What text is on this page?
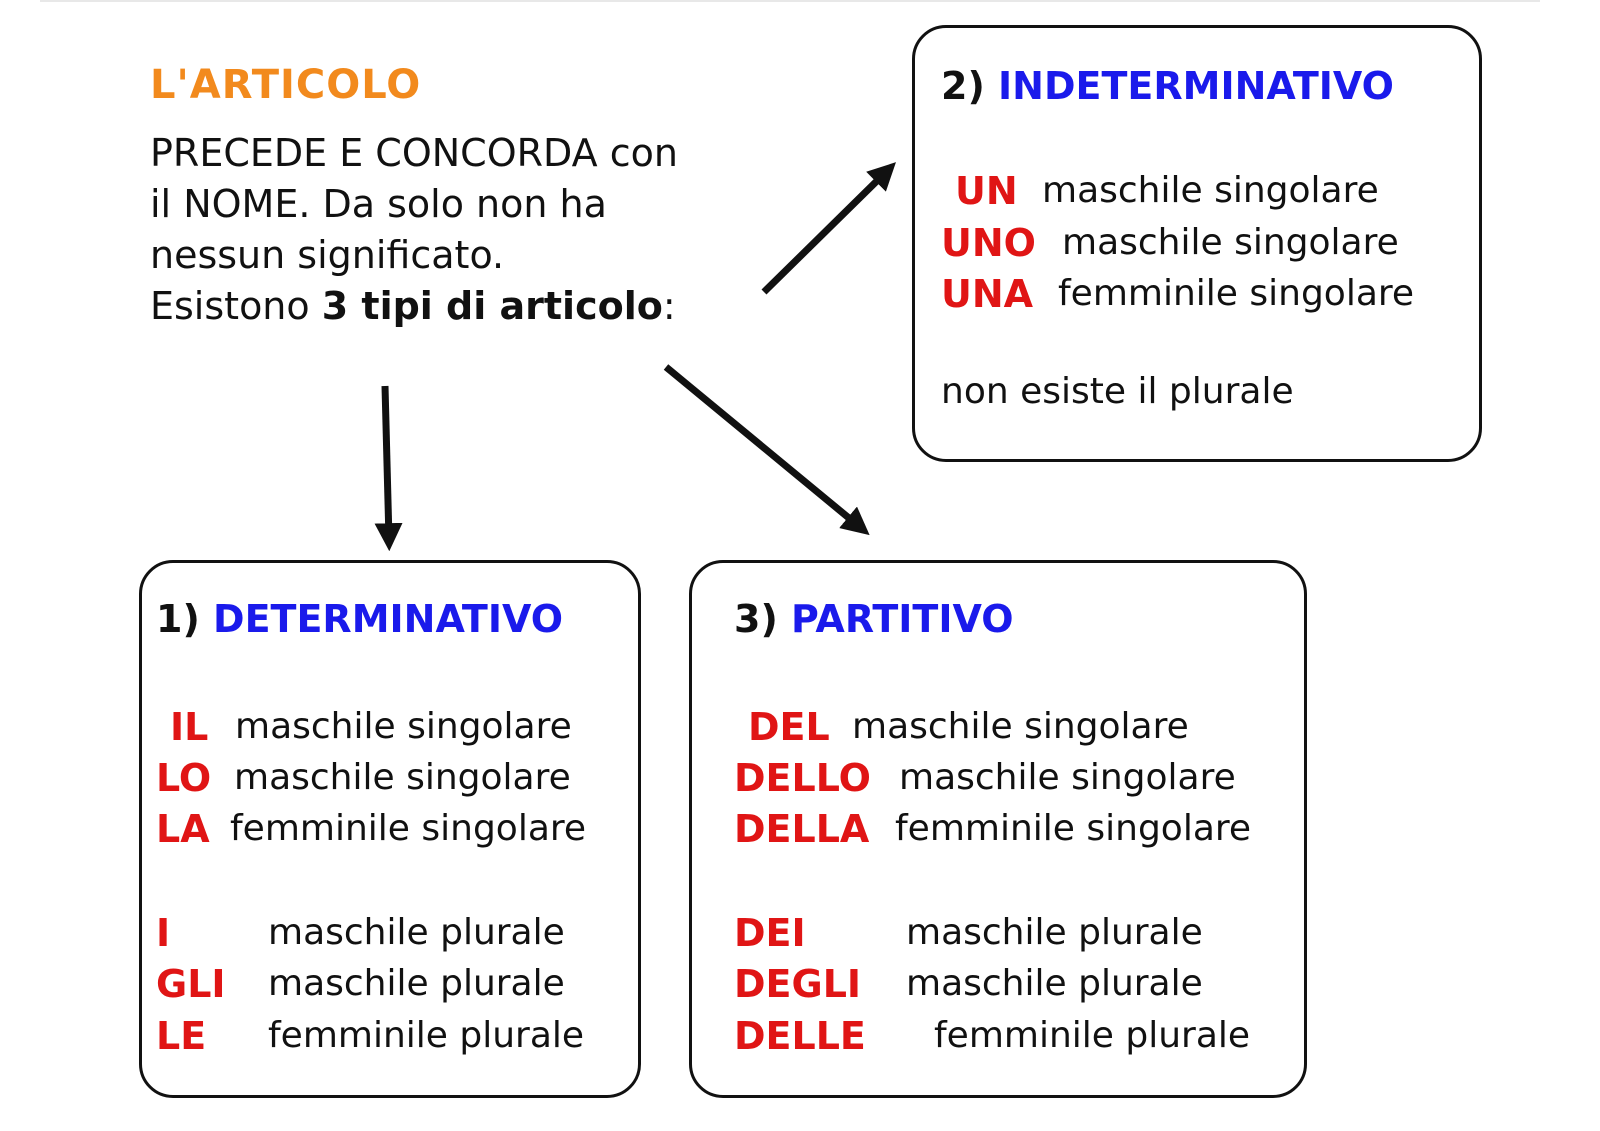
L'ARTICOLO
PRECEDE E CONCORDA con
il NOME. Da solo non ha
nessun significato.
Esistono 3 tipi di articolo:
2) INDETERMINATIVO
UN maschile singolare
UNO maschile singolare
UNA femminile singolare
non esiste il plurale
1) DETERMINATIVO
IL maschile singolare
LO maschile singolare
LA femminile singolare
I	maschile plurale
GLI maschile plurale
LE femminile plurale
3) PARTITIVO
DEL maschile singolare
DELLO maschile singolare
DELLA femminile singolare
DEI	maschile plurale
DEGLI maschile plurale
DELLE femminile plurale
